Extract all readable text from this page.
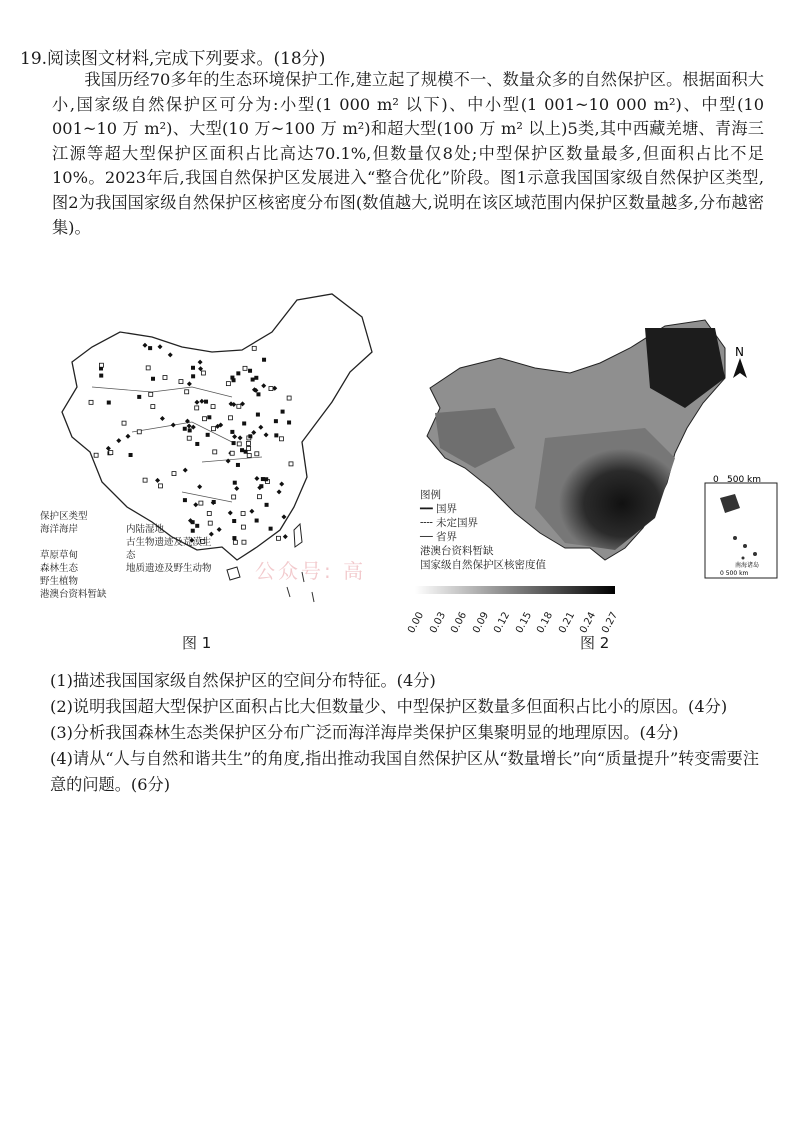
19.阅读图文材料,完成下列要求。(18分)

我国历经70多年的生态环境保护工作,建立起了规模不一、数量众多的自然保护区。根据面积大小,国家级自然保护区可分为:小型(1 000 m² 以下)、中小型(1 001~10 000 m²)、中型(10 001~10 万 m²)、大型(10 万~100 万 m²)和超大型(100 万 m² 以上)5类,其中西藏羌塘、青海三江源等超大型保护区面积占比高达70.1%,但数量仅8处;中型保护区数量最多,但面积占比不足10%。2023年后,我国自然保护区发展进入“整合优化”阶段。图1示意我国国家级自然保护区类型,图2为我国国家级自然保护区核密度分布图(数值越大,说明在该区域范围内保护区数量越多,分布越密集)。

保护区类型
海洋海岸	内陆湿地
草原草甸古生物遗迹及荒漠生态
森林生态	地质遗迹及野生动物
野生植物
港澳台资料暂缺
N
南海诸岛
0 500 km
0 500 km
图例
━━ 国界
╌╌ 未定国界
── 省界
港澳台资料暂缺
国家级自然保护区核密度值
0.00 0.03 0.06 0.09 0.12 0.15 0.18 0.21 0.24 0.27
公众号: 高
图 1	图 2
(1)描述我国国家级自然保护区的空间分布特征。(4分)
(2)说明我国超大型保护区面积占比大但数量少、中型保护区数量多但面积占比小的原因。(4分)
(3)分析我国森林生态类保护区分布广泛而海洋海岸类保护区集聚明显的地理原因。(4分)
(4)请从“人与自然和谐共生”的角度,指出推动我国自然保护区从“数量增长”向“质量提升”转变需要注意的问题。(6分)
